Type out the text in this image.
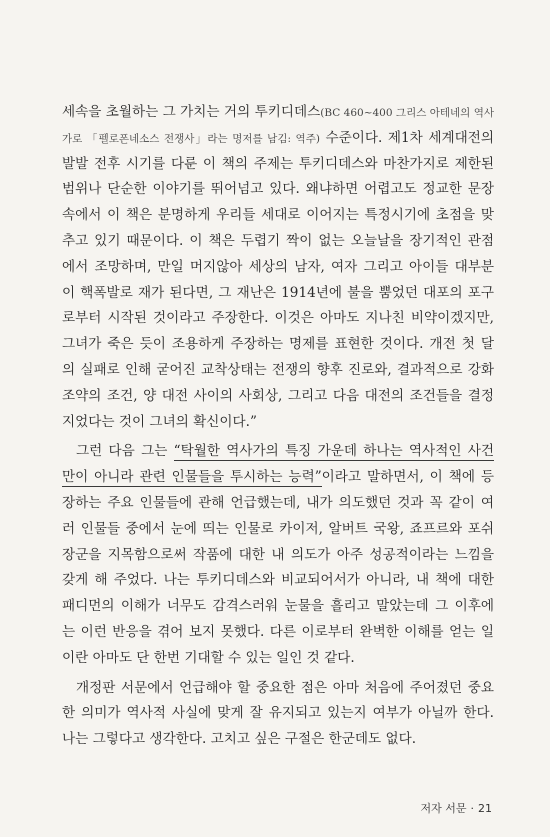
세속을 초월하는 그 가치는 거의 투키디데스(BC 460~400 그리스 아테네의 역사
가로 「펠로폰네소스 전쟁사」라는 명저를 남김: 역주) 수준이다. 제1차 세계대전의
발발 전후 시기를 다룬 이 책의 주제는 투키디데스와 마찬가지로 제한된
범위나 단순한 이야기를 뛰어넘고 있다. 왜냐하면 어렵고도 정교한 문장
속에서 이 책은 분명하게 우리들 세대로 이어지는 특정시기에 초점을 맞
추고 있기 때문이다. 이 책은 두렵기 짝이 없는 오늘날을 장기적인 관점
에서 조망하며, 만일 머지않아 세상의 남자, 여자 그리고 아이들 대부분
이 핵폭발로 재가 된다면, 그 재난은 1914년에 불을 뿜었던 대포의 포구
로부터 시작된 것이라고 주장한다. 이것은 아마도 지나친 비약이겠지만,
그녀가 죽은 듯이 조용하게 주장하는 명제를 표현한 것이다. 개전 첫 달
의 실패로 인해 굳어진 교착상태는 전쟁의 향후 진로와, 결과적으로 강화
조약의 조건, 양 대전 사이의 사회상, 그리고 다음 대전의 조건들을 결정
지었다는 것이 그녀의 확신이다.”
그런 다음 그는 “탁월한 역사가의 특징 가운데 하나는 역사적인 사건
만이 아니라 관련 인물들을 투시하는 능력”이라고 말하면서, 이 책에 등
장하는 주요 인물들에 관해 언급했는데, 내가 의도했던 것과 꼭 같이 여
러 인물들 중에서 눈에 띄는 인물로 카이저, 알버트 국왕, 죠프르와 포쉬
장군을 지목함으로써 작품에 대한 내 의도가 아주 성공적이라는 느낌을
갖게 해 주었다. 나는 투키디데스와 비교되어서가 아니라, 내 책에 대한
패디먼의 이해가 너무도 감격스러워 눈물을 흘리고 말았는데 그 이후에
는 이런 반응을 겪어 보지 못했다. 다른 이로부터 완벽한 이해를 얻는 일
이란 아마도 단 한번 기대할 수 있는 일인 것 같다.
개정판 서문에서 언급해야 할 중요한 점은 아마 처음에 주어졌던 중요
한 의미가 역사적 사실에 맞게 잘 유지되고 있는지 여부가 아닐까 한다.
나는 그렇다고 생각한다. 고치고 싶은 구절은 한군데도 없다.
저자 서문 · 21
